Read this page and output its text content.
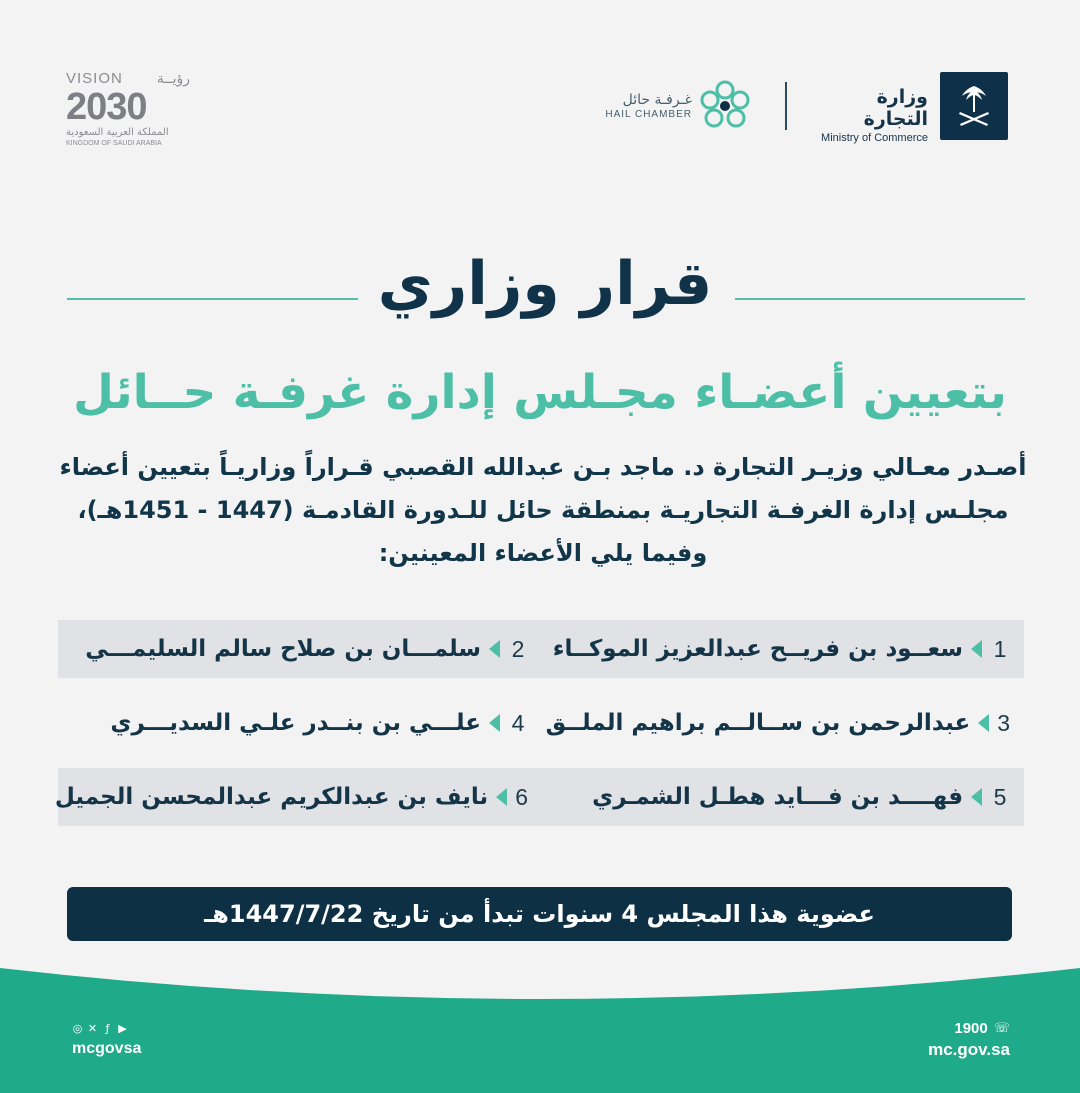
وزارة التجارة
Ministry of Commerce
غـرفـة حائل
HAIL CHAMBER
VISION رؤيــة
2030
المملكة العربية السعودية
KINGDOM OF SAUDI ARABIA
قرار وزاري
بتعيين أعضـاء مجـلس إدارة غرفـة حــائل

أصـدر معـالي وزيـر التجارة د. ماجد بـن عبدالله القصبي قـراراً وزاريـاً بتعيين أعضاء

مجلـس إدارة الغرفـة التجاريـة بمنطقة حائل للـدورة القادمـة (1447 - 1451هـ)،

وفيما يلي الأعضاء المعينين:

1
سعــود بن فريــح عبدالعزيز الموكــاء
2
سلمـــان بن صلاح سالم السليمـــي
3
عبدالرحمن بن ســالــم براهيم الملــق
4
علـــي بن بنــدر علـي السديـــري
5
فهــــد بن فـــايد هطـل الشمـري
6
نايف بن عبدالكريم عبدالمحسن الجميل
عضوية هذا المجلس 4 سنوات تبدأ من تاريخ 1447/7/22هـ
◎ ✕ ƒ ▶
mcgovsa
1900 ☏
mc.gov.sa
